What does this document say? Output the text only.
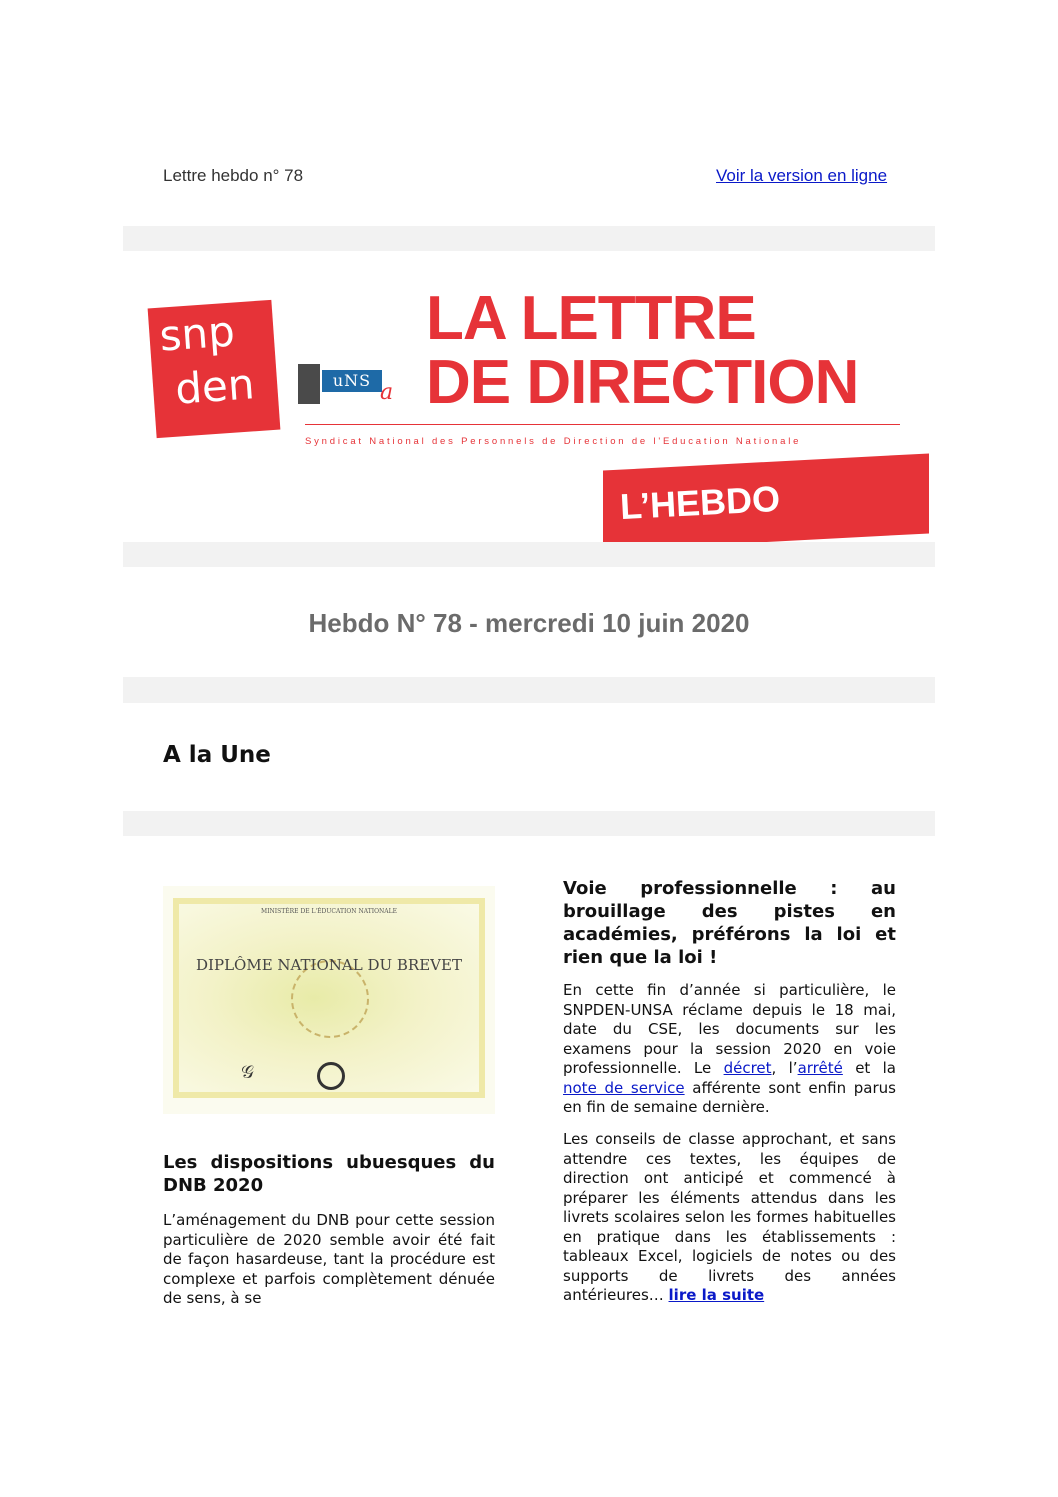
Lettre hebdo n° 78	Voir la version en ligne
snp
den	uNS a
LA LETTRE
DE DIRECTION
Syndicat National des Personnels de Direction de l'Education Nationale
L’HEBDO
Hebdo N° 78 - mercredi 10 juin 2020
A la Une
MINISTÈRE DE L'ÉDUCATION NATIONALE
DIPLÔME NATIONAL DU BREVET
𝒢
Les dispositions ubuesques du DNB 2020
L’aménagement du DNB pour cette session particulière de 2020 semble avoir été fait de façon hasardeuse, tant la procédure est complexe et parfois complètement dénuée de sens, à se
Voie professionnelle : au brouillage des pistes en académies, préférons la loi et rien que la loi !
En cette fin d’année si particulière, le SNPDEN-UNSA réclame depuis le 18 mai, date du CSE, les documents sur les examens pour la session 2020 en voie professionnelle. Le décret, l’arrêté et la note de service afférente sont enfin parus en fin de semaine dernière.
Les conseils de classe approchant, et sans attendre ces textes, les équipes de direction ont anticipé et commencé à préparer les éléments attendus dans les livrets scolaires selon les formes habituelles en pratique dans les établissements : tableaux Excel, logiciels de notes ou des supports de livrets des années antérieures… lire la suite
